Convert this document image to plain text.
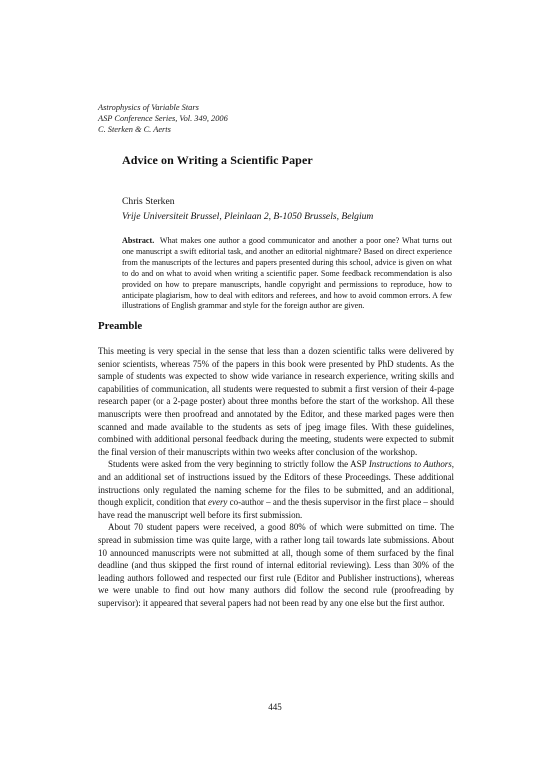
Astrophysics of Variable Stars
ASP Conference Series, Vol. 349, 2006
C. Sterken & C. Aerts
Advice on Writing a Scientific Paper
Chris Sterken
Vrije Universiteit Brussel, Pleinlaan 2, B-1050 Brussels, Belgium
Abstract. What makes one author a good communicator and another a poor one? What turns out one manuscript a swift editorial task, and another an editorial nightmare? Based on direct experience from the manuscripts of the lectures and papers presented during this school, advice is given on what to do and on what to avoid when writing a scientific paper. Some feedback recommendation is also provided on how to prepare manuscripts, handle copyright and permissions to reproduce, how to anticipate plagiarism, how to deal with editors and referees, and how to avoid common errors. A few illustrations of English grammar and style for the foreign author are given.
Preamble

This meeting is very special in the sense that less than a dozen scientific talks were delivered by senior scientists, whereas 75% of the papers in this book were presented by PhD students. As the sample of students was expected to show wide variance in research experience, writing skills and capabilities of communication, all students were requested to submit a first version of their 4-page research paper (or a 2-page poster) about three months before the start of the workshop. All these manuscripts were then proofread and annotated by the Editor, and these marked pages were then scanned and made available to the students as sets of jpeg image files. With these guidelines, combined with additional personal feedback during the meeting, students were expected to submit the final version of their manuscripts within two weeks after conclusion of the workshop.

Students were asked from the very beginning to strictly follow the ASP Instructions to Authors, and an additional set of instructions issued by the Editors of these Proceedings. These additional instructions only regulated the naming scheme for the files to be submitted, and an additional, though explicit, condition that every co-author – and the thesis supervisor in the first place – should have read the manuscript well before its first submission.

About 70 student papers were received, a good 80% of which were submitted on time. The spread in submission time was quite large, with a rather long tail towards late submissions. About 10 announced manuscripts were not submitted at all, though some of them surfaced by the final deadline (and thus skipped the first round of internal editorial reviewing). Less than 30% of the leading authors followed and respected our first rule (Editor and Publisher instructions), whereas we were unable to find out how many authors did follow the second rule (proofreading by supervisor): it appeared that several papers had not been read by any one else but the first author.

445
